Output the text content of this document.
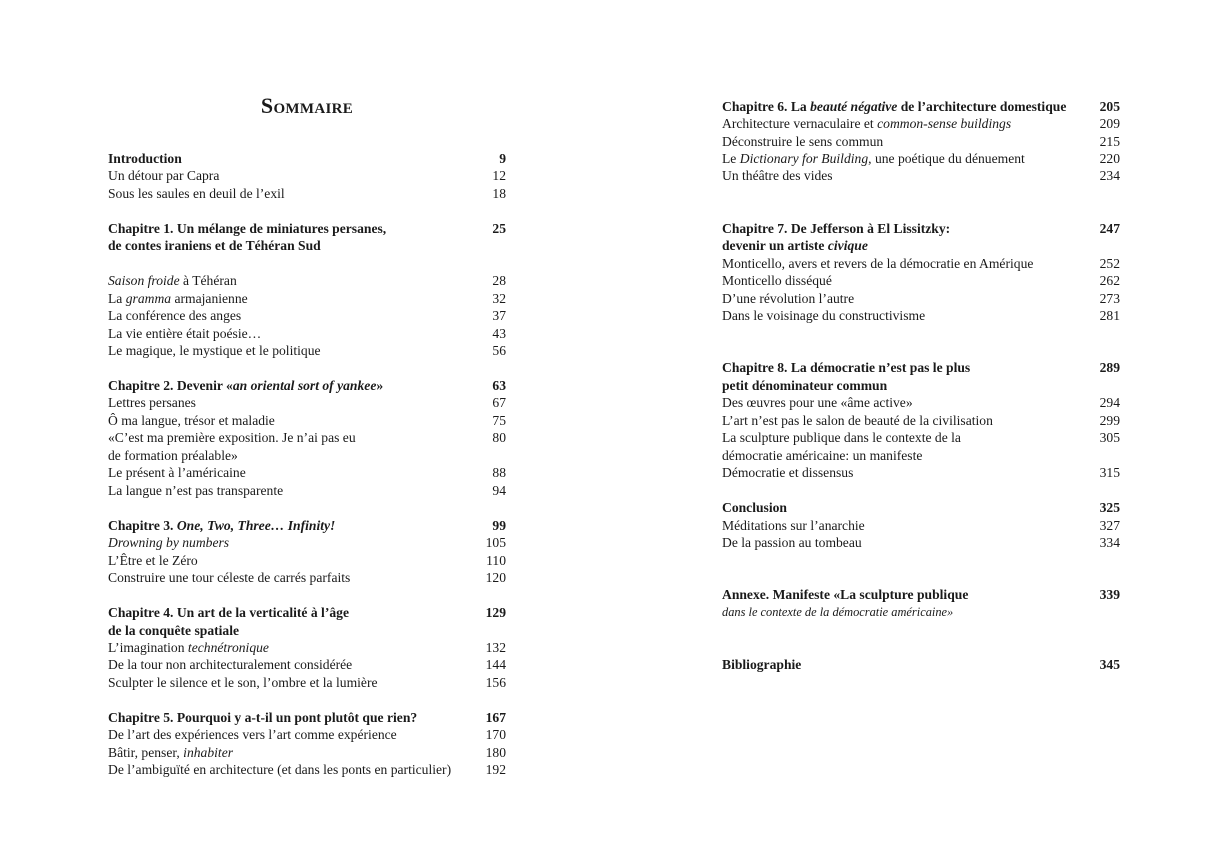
Sommaire
Introduction	9
Un détour par Capra	12
Sous les saules en deuil de l’exil	18
Chapitre 1. Un mélange de miniatures persanes,	25
de contes iraniens et de Téhéran Sud
Saison froide à Téhéran	28
La gramma armajanienne	32
La conférence des anges	37
La vie entière était poésie…	43
Le magique, le mystique et le politique	56
Chapitre 2. Devenir «an oriental sort of yankee»	63
Lettres persanes	67
Ô ma langue, trésor et maladie	75
«C’est ma première exposition. Je n’ai pas eu	80
de formation préalable»
Le présent à l’américaine	88
La langue n’est pas transparente	94
Chapitre 3. One, Two, Three… Infinity!	99
Drowning by numbers	105
L’Être et le Zéro	110
Construire une tour céleste de carrés parfaits	120
Chapitre 4. Un art de la verticalité à l’âge	129
de la conquête spatiale
L’imagination technétronique	132
De la tour non architecturalement considérée	144
Sculpter le silence et le son, l’ombre et la lumière	156
Chapitre 5. Pourquoi y a-t-il un pont plutôt que rien?	167
De l’art des expériences vers l’art comme expérience	170
Bâtir, penser, inhabiter	180
De l’ambiguïté en architecture (et dans les ponts en particulier)	192
Chapitre 6. La beauté négative de l’architecture domestique 205
Architecture vernaculaire et common-sense buildings	209
Déconstruire le sens commun	215
Le Dictionary for Building, une poétique du dénuement	220
Un théâtre des vides	234
Chapitre 7. De Jefferson à El Lissitzky:	247
devenir un artiste civique
Monticello, avers et revers de la démocratie en Amérique	252
Monticello disséqué	262
D’une révolution l’autre	273
Dans le voisinage du constructivisme	281
Chapitre 8. La démocratie n’est pas le plus	289
petit dénominateur commun
Des œuvres pour une «âme active»	294
L’art n’est pas le salon de beauté de la civilisation	299
La sculpture publique dans le contexte de la	305
démocratie américaine: un manifeste
Démocratie et dissensus	315
Conclusion	325
Méditations sur l’anarchie	327
De la passion au tombeau	334
Annexe. Manifeste «La sculpture publique	339
dans le contexte de la démocratie américaine»
Bibliographie	345
